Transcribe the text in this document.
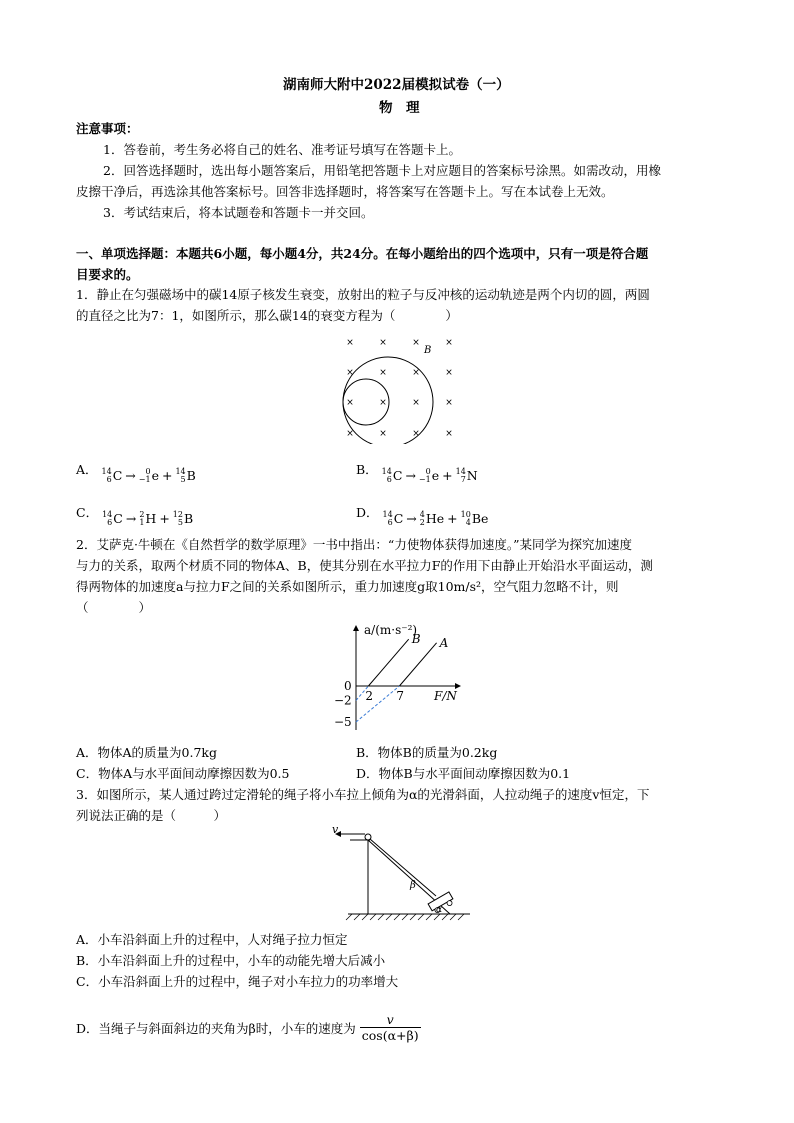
湖南师大附中2022届模拟试卷（一）
物　理
注意事项：
1．答卷前，考生务必将自己的姓名、准考证号填写在答题卡上。
2．回答选择题时，选出每小题答案后，用铅笔把答题卡上对应题目的答案标号涂黑。如需改动，用橡
皮擦干净后，再选涂其他答案标号。回答非选择题时，将答案写在答题卡上。写在本试卷上无效。
3．考试结束后，将本试题卷和答题卡一并交回。
一、单项选择题：本题共6小题，每小题4分，共24分。在每小题给出的四个选项中，只有一项是符合题
目要求的。
1．静止在匀强磁场中的碳14原子核发生衰变，放射出的粒子与反冲核的运动轨迹是两个内切的圆，两圆
的直径之比为7：1，如图所示，那么碳14的衰变方程为（　　　　）
×	×	×	×
×	×	×	×
×	×	×	×
×	×	×	×
B
A． 14
6 C →	0
−1 e + 14
5 B	B． 14
6 C →	0
−1 e + 14
7 N
C． 14
6 C → 2
1 H + 12
5 B	D． 14
6 C → 4
2 He + 10
4 Be
2．艾萨克·牛顿在《自然哲学的数学原理》一书中指出：“力使物体获得加速度。”某同学为探究加速度
与力的关系，取两个材质不同的物体A、B，使其分别在水平拉力F的作用下由静止开始沿水平面运动，测
得两物体的加速度a与拉力F之间的关系如图所示，重力加速度g取10m/s²，空气阻力忽略不计，则
（　　　　）
a/(m·s⁻²)
F/N
0
B A
2 7
−2
−5
A．物体A的质量为0.7kg	B．物体B的质量为0.2kg
C．物体A与水平面间动摩擦因数为0.5	D．物体B与水平面间动摩擦因数为0.1
3．如图所示，某人通过跨过定滑轮的绳子将小车拉上倾角为α的光滑斜面，人拉动绳子的速度v恒定，下
列说法正确的是（　　　）
v
β
α
A．小车沿斜面上升的过程中，人对绳子拉力恒定
B．小车沿斜面上升的过程中，小车的动能先增大后减小
C．小车沿斜面上升的过程中，绳子对小车拉力的功率增大
D．当绳子与斜面斜边的夹角为β时，小车的速度为 $\frac{v}{\cos(\alpha+\beta)}$
